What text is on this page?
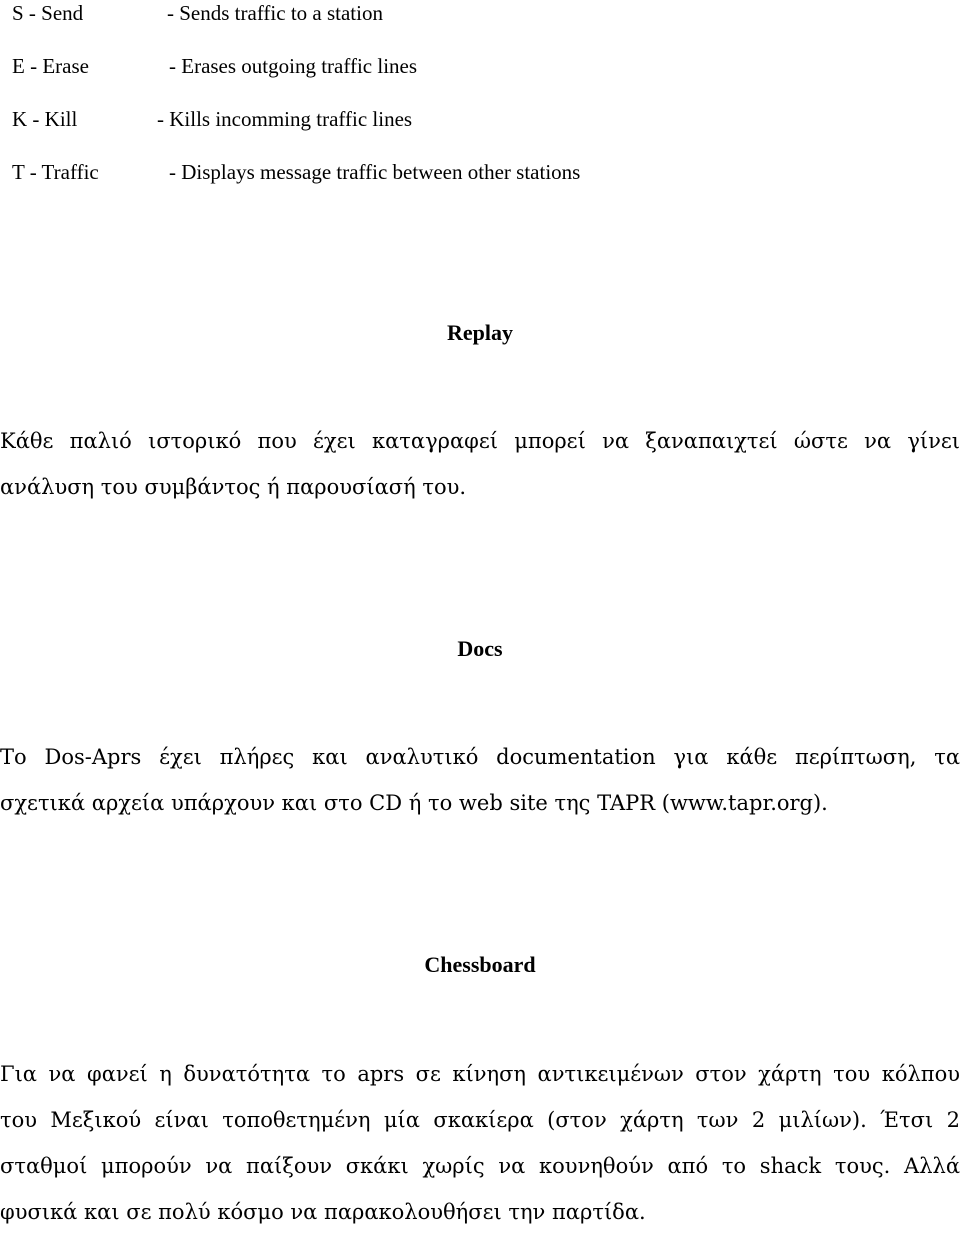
S - Send	- Sends traffic to a station
E - Erase	- Erases outgoing traffic lines
K - Kill	- Kills incomming traffic lines
T - Traffic	- Displays message traffic between other stations
Replay
Κάθε παλιό ιστορικό που έχει καταγραφεί μπορεί να ξαναπαιχτεί ώστε να γίνει
ανάλυση του συμβάντος ή παρουσίασή του.
Docs
Το Dos-Aprs έχει πλήρες και αναλυτικό documentation για κάθε περίπτωση, τα
σχετικά αρχεία υπάρχουν και στο CD ή το web site της TAPR (www.tapr.org).
Chessboard
Για να φανεί η δυνατότητα το aprs σε κίνηση αντικειμένων στον χάρτη του κόλπου
του Μεξικού είναι τοποθετημένη μία σκακίερα (στον χάρτη των 2 μιλίων). Έτσι 2
σταθμοί μπορούν να παίξουν σκάκι χωρίς να κουνηθούν από το shack τους. Αλλά
φυσικά και σε πολύ κόσμο να παρακολουθήσει την παρτίδα.
